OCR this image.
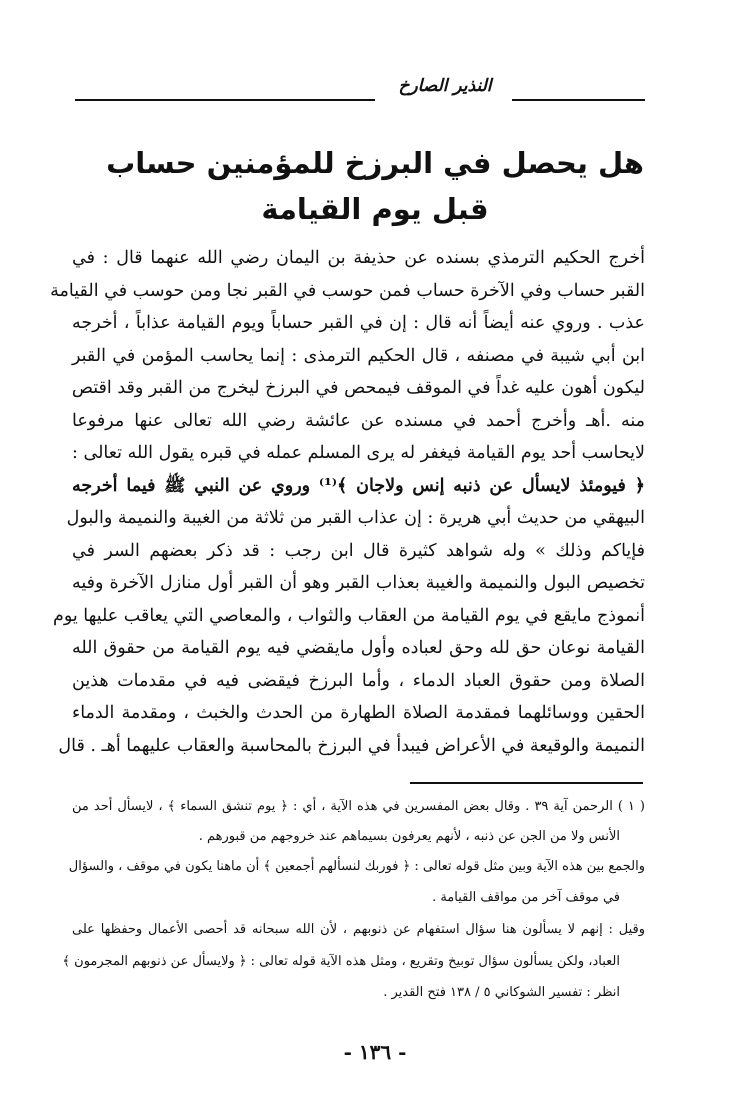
النذير الصارخ
هل يحصل في البرزخ للمؤمنين حساب
قبل يوم القيامة
أخرج الحكيم الترمذي بسنده عن حذيفة بن اليمان رضي الله عنهما قال : في
القبر حساب وفي الآخرة حساب فمن حوسب في القبر نجا ومن حوسب في القيامة
عذب . وروي عنه أيضاً أنه قال : إن في القبر حساباً ويوم القيامة عذاباً ، أخرجه
ابن أبي شيبة في مصنفه ، قال الحكيم الترمذى : إنما يحاسب المؤمن في القبر
ليكون أهون عليه غداً في الموقف فيمحص في البرزخ ليخرج من القبر وقد اقتص
منه .أهـ وأخرج أحمد في مسنده عن عائشة رضي الله تعالى عنها مرفوعا
لايحاسب أحد يوم القيامة فيغفر له يرى المسلم عمله في قبره يقول الله تعالى :
﴿ فيومئذ لايسأل عن ذنبه إنس ولاجان ﴾⁽¹⁾ وروي عن النبي ﷺ فيما أخرجه
البيهقي من حديث أبي هريرة : إن عذاب القبر من ثلاثة من الغيبة والنميمة والبول
فإياكم وذلك » وله شواهد كثيرة قال ابن رجب : قد ذكر بعضهم السر في
تخصيص البول والنميمة والغيبة بعذاب القبر وهو أن القبر أول منازل الآخرة وفيه
أنموذج مايقع في يوم القيامة من العقاب والثواب ، والمعاصي التي يعاقب عليها يوم
القيامة نوعان حق لله وحق لعباده وأول مايقضي فيه يوم القيامة من حقوق الله
الصلاة ومن حقوق العباد الدماء ، وأما البرزخ فيقضى فيه في مقدمات هذين
الحقين ووسائلهما فمقدمة الصلاة الطهارة من الحدث والخبث ، ومقدمة الدماء
النميمة والوقيعة في الأعراض فيبدأ في البرزخ بالمحاسبة والعقاب عليهما أهـ . قال
( ١ ) الرحمن آية ٣٩ . وقال بعض المفسرين في هذه الآية ، أي : ﴿ يوم تنشق السماء ﴾ ، لايسأل أحد من
الأنس ولا من الجن عن ذنبه ، لأنهم يعرفون بسيماهم عند خروجهم من قبورهم .
والجمع بين هذه الآية وبين مثل قوله تعالى : ﴿ فوربك لنسألهم أجمعين ﴾ أن ماهنا يكون في موقف ، والسؤال
في موقف آخر من مواقف القيامة .
وقيل : إنهم لا يسألون هنا سؤال استفهام عن ذنوبهم ، لأن الله سبحانه قد أحصى الأعمال وحفظها على
العباد، ولكن يسألون سؤال توبيخ وتقريع ، ومثل هذه الآية قوله تعالى : ﴿ ولايسأل عن ذنوبهم المجرمون ﴾
انظر : تفسير الشوكاني ٥ / ١٣٨ فتح القدير .
- ١٣٦ -
